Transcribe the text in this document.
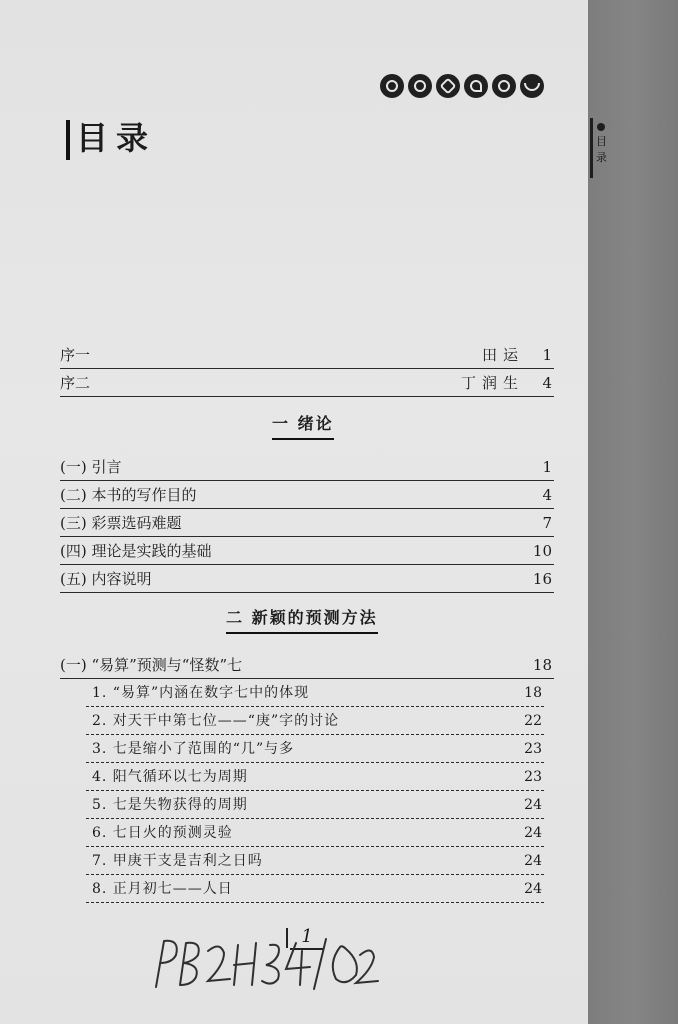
目录
目录
序一	田运 1
序二	丁润生 4
一 绪论
(一) 引言	1
(二) 本书的写作目的	4
(三) 彩票选码难题	7
(四) 理论是实践的基础	10
(五) 内容说明	16
二 新颖的预测方法
(一) “易算”预测与“怪数”七	18
1. “易算”内涵在数字七中的体现	18
2. 对天干中第七位——“庚”字的讨论	22
3. 七是缩小了范围的“几”与多	23
4. 阳气循环以七为周期	23
5. 七是失物获得的周期	24
6. 七日火的预测灵验	24
7. 甲庚干支是吉利之日吗	24
8. 正月初七——人日	24
1
